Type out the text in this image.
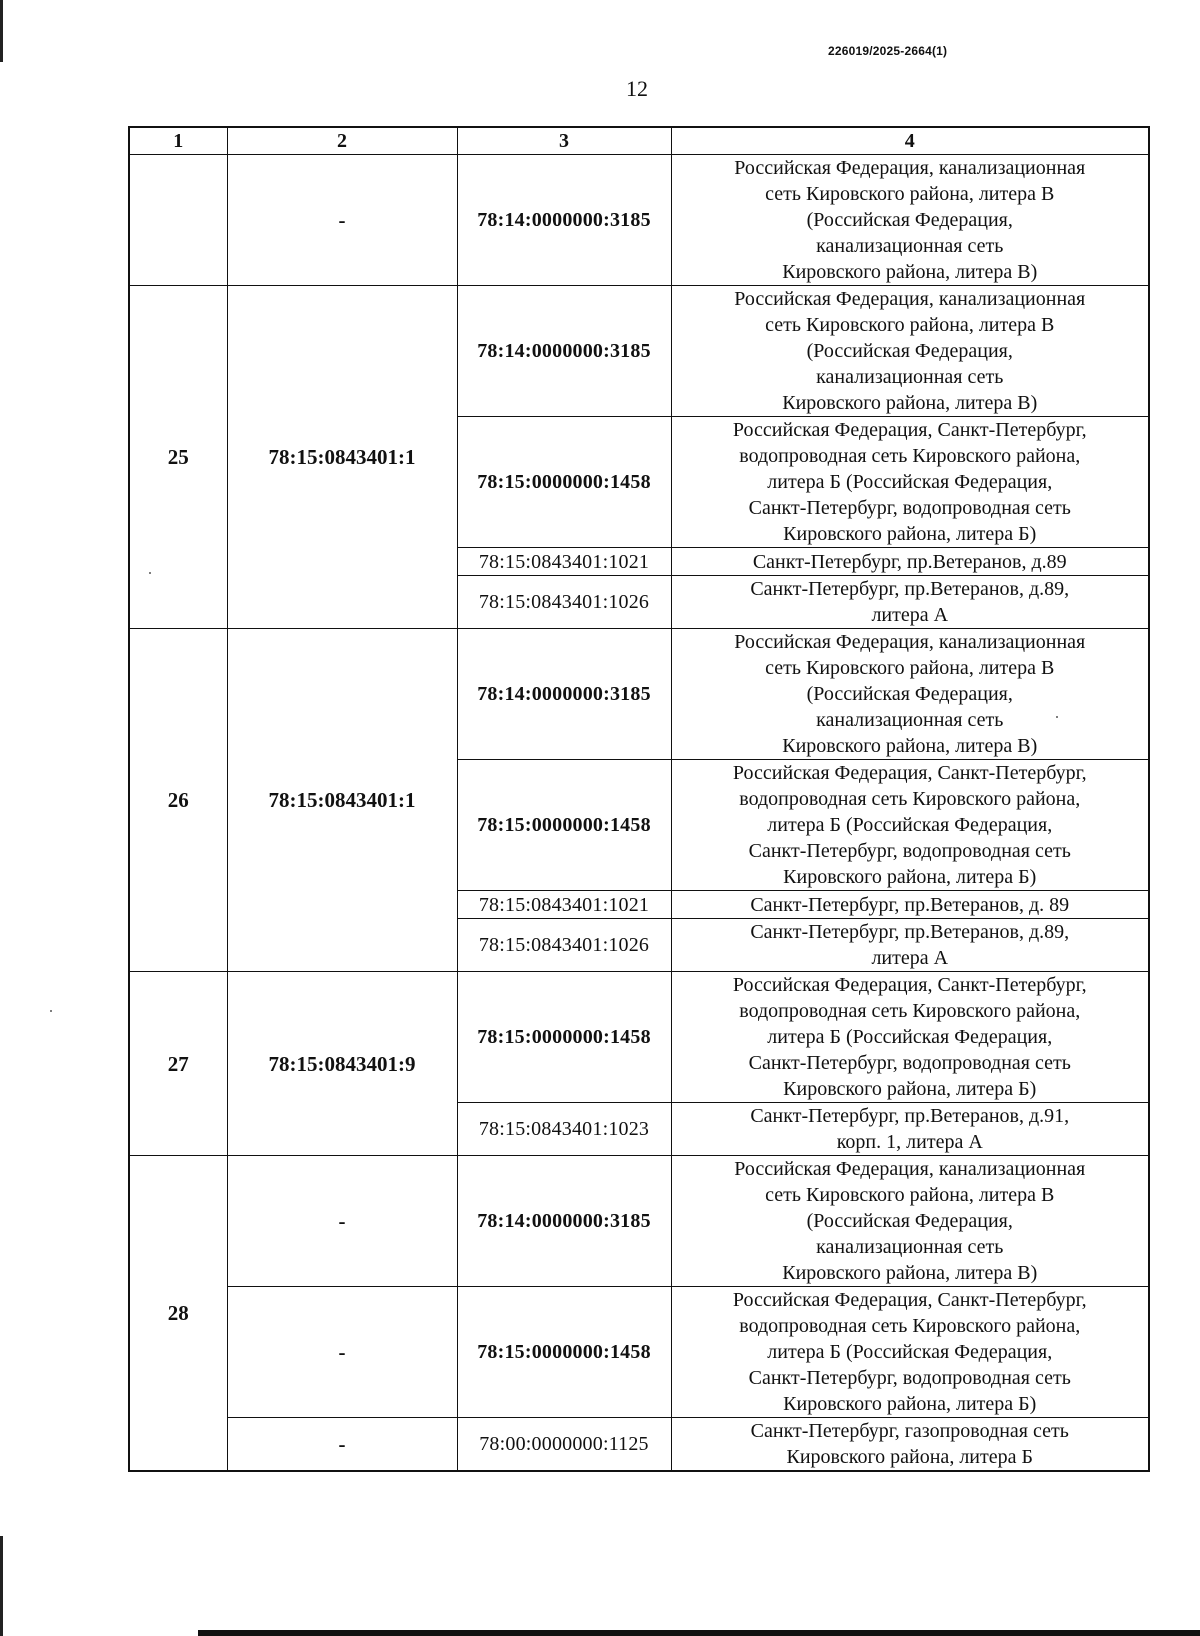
226019/2025-2664(1)
12
1	2	3	4
	-	78:14:0000000:3185	Российская Федерация, канализационная
сеть Кировского района, литера В
(Российская Федерация,
канализационная сеть
Кировского района, литера В)

25	78:15:0843401:1	78:14:0000000:3185	Российская Федерация, канализационная
сеть Кировского района, литера В
(Российская Федерация,
канализационная сеть
Кировского района, литера В)

		78:15:0000000:1458	Российская Федерация, Санкт-Петербург,
водопроводная сеть Кировского района,
литера Б (Российская Федерация,
Санкт-Петербург, водопроводная сеть
Кировского района, литера Б)

		78:15:0843401:1021	Санкт-Петербург, пр.Ветеранов, д.89

		78:15:0843401:1026	Санкт-Петербург, пр.Ветеранов, д.89,
литера А

26	78:15:0843401:1	78:14:0000000:3185	Российская Федерация, канализационная
сеть Кировского района, литера В
(Российская Федерация,
канализационная сеть
Кировского района, литера В)

		78:15:0000000:1458	Российская Федерация, Санкт-Петербург,
водопроводная сеть Кировского района,
литера Б (Российская Федерация,
Санкт-Петербург, водопроводная сеть
Кировского района, литера Б)

		78:15:0843401:1021	Санкт-Петербург, пр.Ветеранов, д. 89

		78:15:0843401:1026	Санкт-Петербург, пр.Ветеранов, д.89,
литера А

27	78:15:0843401:9	78:15:0000000:1458	Российская Федерация, Санкт-Петербург,
водопроводная сеть Кировского района,
литера Б (Российская Федерация,
Санкт-Петербург, водопроводная сеть
Кировского района, литера Б)

		78:15:0843401:1023	Санкт-Петербург, пр.Ветеранов, д.91,
корп. 1, литера А

28	-	78:14:0000000:3185	Российская Федерация, канализационная
сеть Кировского района, литера В
(Российская Федерация,
канализационная сеть
Кировского района, литера В)

	-	78:15:0000000:1458	Российская Федерация, Санкт-Петербург,
водопроводная сеть Кировского района,
литера Б (Российская Федерация,
Санкт-Петербург, водопроводная сеть
Кировского района, литера Б)

	-	78:00:0000000:1125	Санкт-Петербург, газопроводная сеть
Кировского района, литера Б
